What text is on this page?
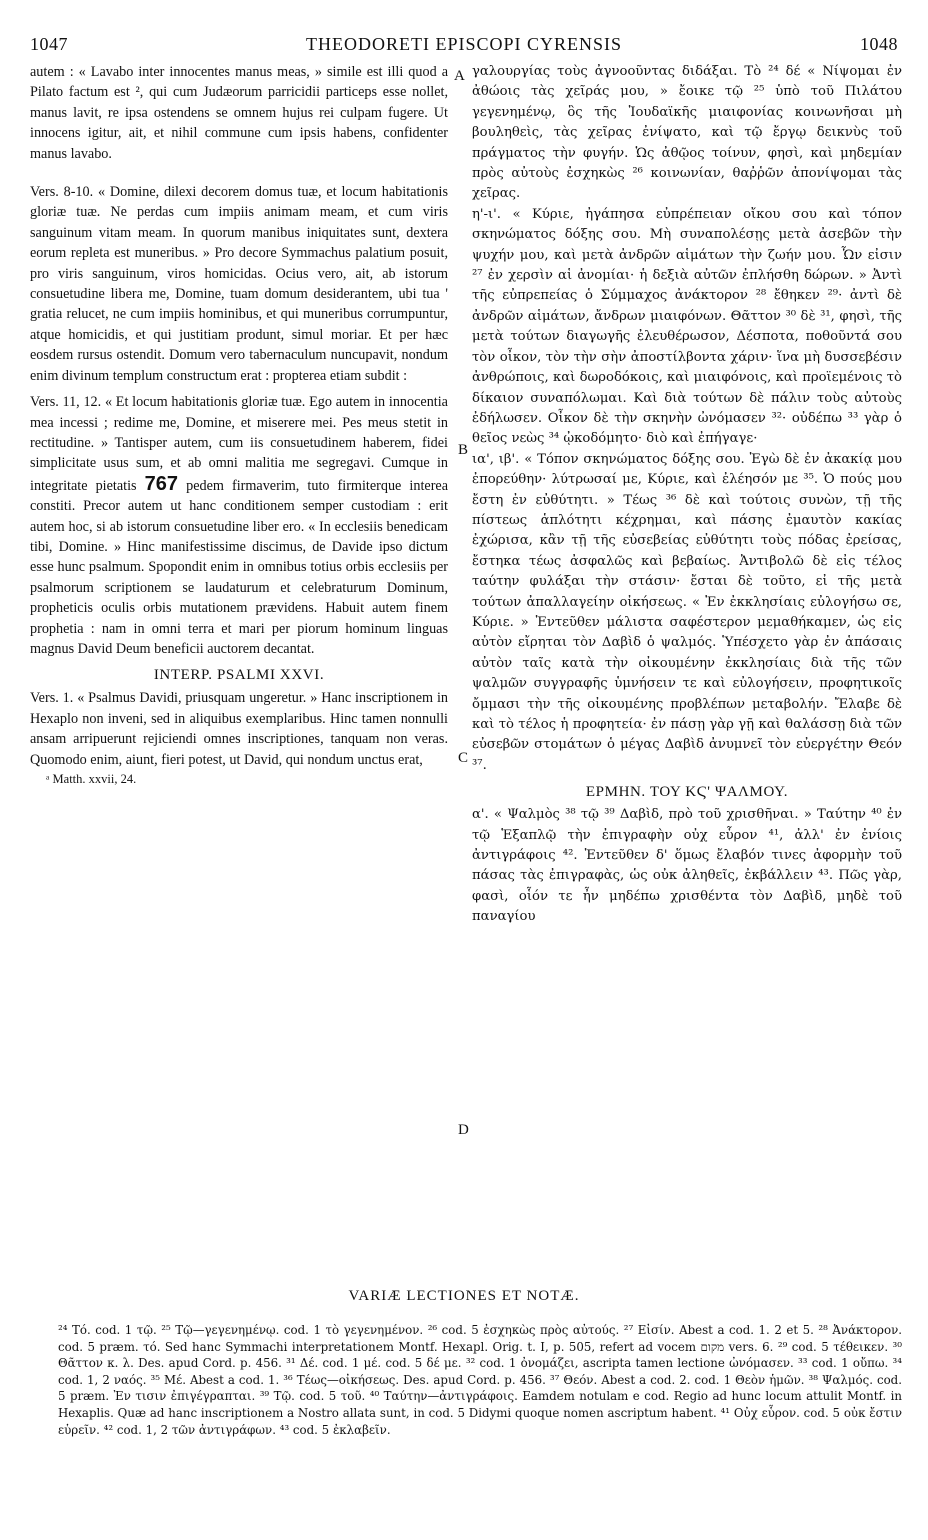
1047	THEODORETI EPISCOPI CYRENSIS	1048
A
B
C
D

autem : « Lavabo inter innocentes manus meas, » simile est illi quod a Pilato factum est ², qui cum Judæorum parricidii particeps esse nollet, manus lavit, re ipsa ostendens se omnem hujus rei culpam fugere. Ut innocens igitur, ait, et nihil commune cum ipsis habens, confidenter manus lavabo.

Vers. 8-10. « Domine, dilexi decorem domus tuæ, et locum habitationis gloriæ tuæ. Ne perdas cum impiis animam meam, et cum viris sanguinum vitam meam. In quorum manibus iniquitates sunt, dextera eorum repleta est muneribus. » Pro decore Symmachus palatium posuit, pro viris sanguinum, viros homicidas. Ocius vero, ait, ab istorum consuetudine libera me, Domine, tuam domum desiderantem, ubi tua ' gratia relucet, ne cum impiis hominibus, et qui muneribus corrumpuntur, atque homicidis, et qui justitiam produnt, simul moriar. Et per hæc eosdem rursus ostendit. Domum vero tabernaculum nuncupavit, nondum enim divinum templum constructum erat : propterea etiam subdit :

Vers. 11, 12. « Et locum habitationis gloriæ tuæ. Ego autem in innocentia mea incessi ; redime me, Domine, et miserere mei. Pes meus stetit in rectitudine. » Tantisper autem, cum iis consuetudinem haberem, fidei simplicitate usus sum, et ab omni malitia me segregavi. Cumque in integritate pietatis 767 pedem firmaverim, tuto firmiterque interea constiti. Precor autem ut hanc conditionem semper custodiam : erit autem hoc, si ab istorum consuetudine liber ero. « In ecclesiis benedicam tibi, Domine. » Hinc manifestissime discimus, de Davide ipso dictum esse hunc psalmum. Spopondit enim in omnibus totius orbis ecclesiis per psalmorum scriptionem se laudaturum et celebraturum Dominum, propheticis oculis orbis mutationem prævidens. Habuit autem finem prophetia : nam in omni terra et mari per piorum hominum linguas magnus David Deum beneficii auctorem decantat.

INTERP. PSALMI XXVI.

Vers. 1. « Psalmus Davidi, priusquam ungeretur. » Hanc inscriptionem in Hexaplo non inveni, sed in aliquibus exemplaribus. Hinc tamen nonnulli ansam arripuerunt rejiciendi omnes inscriptiones, tanquam non veras. Quomodo enim, aiunt, fieri potest, ut David, qui nondum unctus erat,

ᵃ Matth. xxvii, 24.

γαλουργίας τοὺς ἀγνοοῦντας διδάξαι. Τὸ ²⁴ δέ « Νίψομαι ἐν ἀθώοις τὰς χεῖράς μου, » ἔοικε τῷ ²⁵ ὑπὸ τοῦ Πιλάτου γεγενημένῳ, ὃς τῆς Ἰουδαϊκῆς μιαιφονίας κοινωνῆσαι μὴ βουληθεὶς, τὰς χεῖρας ἐνίψατο, καὶ τῷ ἔργῳ δεικνὺς τοῦ πράγματος τὴν φυγήν. Ὡς ἀθῷος τοίνυν, φησὶ, καὶ μηδεμίαν πρὸς αὐτοὺς ἐσχηκὼς ²⁶ κοινωνίαν, θαῤῥῶν ἀπονίψομαι τὰς χεῖρας.

η'-ι'. « Κύριε, ἠγάπησα εὐπρέπειαν οἴκου σου καὶ τόπον σκηνώματος δόξης σου. Μὴ συναπολέσῃς μετὰ ἀσεβῶν τὴν ψυχήν μου, καὶ μετὰ ἀνδρῶν αἱμάτων τὴν ζωήν μου. Ὧν εἰσιν ²⁷ ἐν χερσὶν αἱ ἀνομίαι· ἡ δεξιὰ αὐτῶν ἐπλήσθη δώρων. » Ἀντὶ τῆς εὐπρεπείας ὁ Σύμμαχος ἀνάκτορον ²⁸ ἔθηκεν ²⁹· ἀντὶ δὲ ἀνδρῶν αἱμάτων, ἄνδρων μιαιφόνων. Θᾶττον ³⁰ δὲ ³¹, φησὶ, τῆς μετὰ τούτων διαγωγῆς ἐλευθέρωσον, Δέσποτα, ποθοῦντά σου τὸν οἶκον, τὸν τὴν σὴν ἀποστίλβοντα χάριν· ἵνα μὴ δυσσεβέσιν ἀνθρώποις, καὶ δωροδόκοις, καὶ μιαιφόνοις, καὶ προϊεμένοις τὸ δίκαιον συναπόλωμαι. Καὶ διὰ τούτων δὲ πάλιν τοὺς αὐτοὺς ἐδήλωσεν. Οἶκον δὲ τὴν σκηνὴν ὠνόμασεν ³²· οὐδέπω ³³ γὰρ ὁ θεῖος νεὼς ³⁴ ᾠκοδόμητο· διὸ καὶ ἐπήγαγε·

ια', ιβ'. « Τόπον σκηνώματος δόξης σου. Ἐγὼ δὲ ἐν ἀκακίᾳ μου ἐπορεύθην· λύτρωσαί με, Κύριε, καὶ ἐλέησόν με ³⁵. Ὁ πούς μου ἔστη ἐν εὐθύτητι. » Τέως ³⁶ δὲ καὶ τούτοις συνὼν, τῇ τῆς πίστεως ἁπλότητι κέχρημαι, καὶ πάσης ἐμαυτὸν κακίας ἐχώρισα, κἂν τῇ τῆς εὐσεβείας εὐθύτητι τοὺς πόδας ἐρείσας, ἔστηκα τέως ἀσφαλῶς καὶ βεβαίως. Ἀντιβολῶ δὲ εἰς τέλος ταύτην φυλάξαι τὴν στάσιν· ἔσται δὲ τοῦτο, εἰ τῆς μετὰ τούτων ἀπαλλαγείην οἰκήσεως. « Ἐν ἐκκλησίαις εὐλογήσω σε, Κύριε. » Ἐντεῦθεν μάλιστα σαφέστερον μεμαθήκαμεν, ὡς εἰς αὐτὸν εἴρηται τὸν Δαβὶδ ὁ ψαλμός. Ὑπέσχετο γὰρ ἐν ἁπάσαις αὐτὸν ταῖς κατὰ τὴν οἰκουμένην ἐκκλησίαις διὰ τῆς τῶν ψαλμῶν συγγραφῆς ὑμνήσειν τε καὶ εὐλογήσειν, προφητικοῖς ὄμμασι τὴν τῆς οἰκουμένης προβλέπων μεταβολήν. Ἔλαβε δὲ καὶ τὸ τέλος ἡ προφητεία· ἐν πάσῃ γὰρ γῇ καὶ θαλάσσῃ διὰ τῶν εὐσεβῶν στομάτων ὁ μέγας Δαβὶδ ἀνυμνεῖ τὸν εὐεργέτην Θεόν ³⁷.

ΕΡΜΗΝ. ΤΟΥ ΚϚ' ΨΑΛΜΟΥ.

α'. « Ψαλμὸς ³⁸ τῷ ³⁹ Δαβὶδ, πρὸ τοῦ χρισθῆναι. » Ταύτην ⁴⁰ ἐν τῷ Ἑξαπλῷ τὴν ἐπιγραφὴν οὐχ εὗρον ⁴¹, ἀλλ' ἐν ἐνίοις ἀντιγράφοις ⁴². Ἐντεῦθεν δ' ὅμως ἔλαβόν τινες ἀφορμὴν τοῦ πάσας τὰς ἐπιγραφὰς, ὡς οὐκ ἀληθεῖς, ἐκβάλλειν ⁴³. Πῶς γὰρ, φασὶ, οἷόν τε ἦν μηδέπω χρισθέντα τὸν Δαβὶδ, μηδὲ τοῦ παναγίου

VARIÆ LECTIONES ET NOTÆ.

²⁴ Τό. cod. 1 τῷ. ²⁵ Τῷ—γεγενημένῳ. cod. 1 τὸ γεγενημένον. ²⁶ cod. 5 ἐσχηκὼς πρὸς αὐτούς. ²⁷ Εἰσίν. Abest a cod. 1. 2 et 5. ²⁸ Ἀνάκτορον. cod. 5 præm. τό. Sed hanc Symmachi interpretationem Montf. Hexapl. Orig. t. I, p. 505, refert ad vocem מקום vers. 6. ²⁹ cod. 5 τέθεικεν. ³⁰ Θᾶττον κ. λ. Des. apud Cord. p. 456. ³¹ Δέ. cod. 1 μέ. cod. 5 δέ με. ³² cod. 1 ὀνομάζει, ascripta tamen lectione ὠνόμασεν. ³³ cod. 1 οὔπω. ³⁴ cod. 1, 2 ναός. ³⁵ Μέ. Abest a cod. 1. ³⁶ Τέως—οἰκήσεως. Des. apud Cord. p. 456. ³⁷ Θεόν. Abest a cod. 2. cod. 1 Θεὸν ἡμῶν. ³⁸ Ψαλμός. cod. 5 præm. Ἐν τισιν ἐπιγέγραπται. ³⁹ Τῷ. cod. 5 τοῦ. ⁴⁰ Ταύτην—ἀντιγράφοις. Eamdem notulam e cod. Regio ad hunc locum attulit Montf. in Hexaplis. Quæ ad hanc inscriptionem a Nostro allata sunt, in cod. 5 Didymi quoque nomen ascriptum habent. ⁴¹ Οὐχ εὗρον. cod. 5 οὐκ ἔστιν εὑρεῖν. ⁴² cod. 1, 2 τῶν ἀντιγράφων. ⁴³ cod. 5 ἐκλαβεῖν.
